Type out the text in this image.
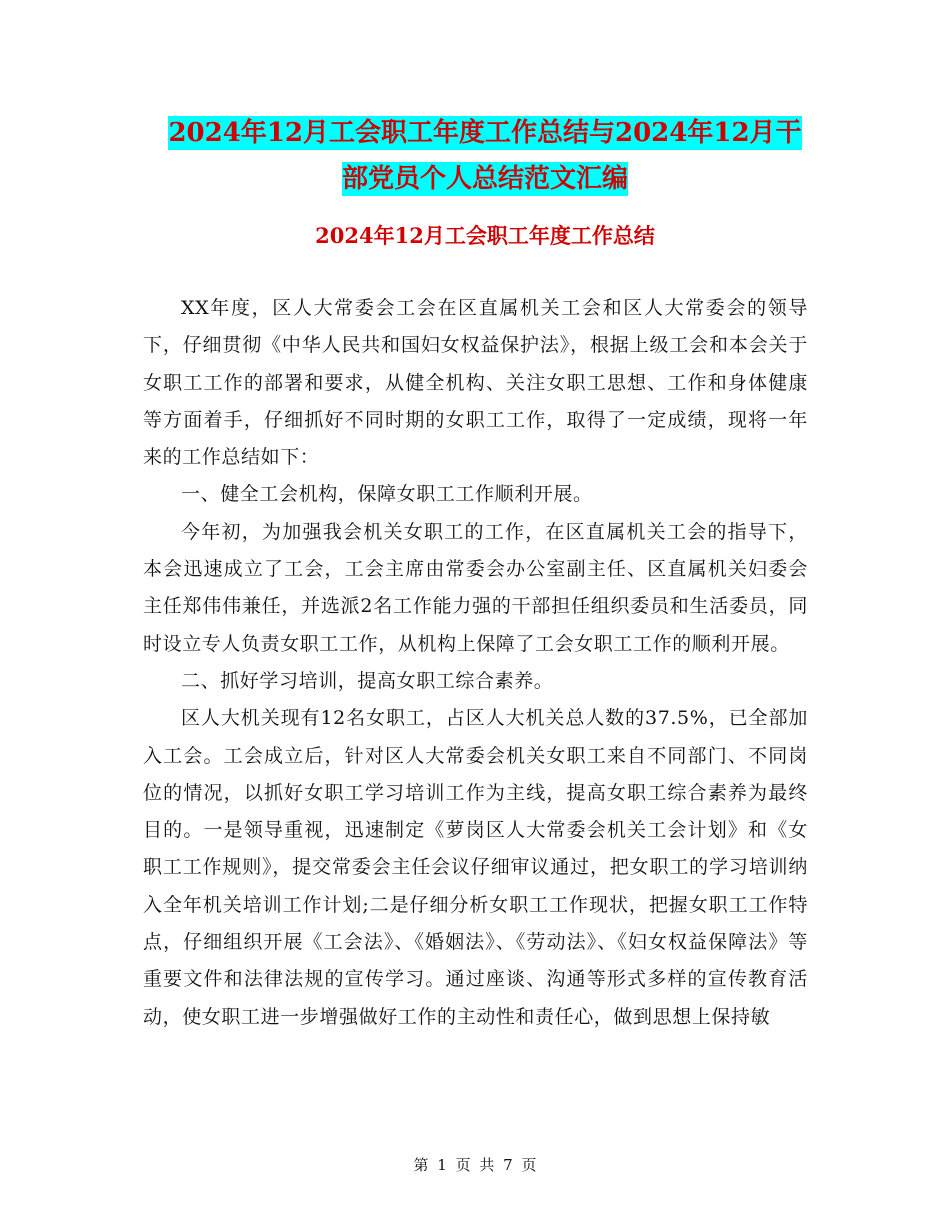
2024年12月工会职工年度工作总结与2024年12月干
部党员个人总结范文汇编
2024年12月工会职工年度工作总结

XX年度，区人大常委会工会在区直属机关工会和区人大常委会的领导下，仔细贯彻《中华人民共和国妇女权益保护法》，根据上级工会和本会关于女职工工作的部署和要求，从健全机构、关注女职工思想、工作和身体健康等方面着手，仔细抓好不同时期的女职工工作，取得了一定成绩，现将一年来的工作总结如下：

一、健全工会机构，保障女职工工作顺利开展。

今年初，为加强我会机关女职工的工作，在区直属机关工会的指导下，本会迅速成立了工会，工会主席由常委会办公室副主任、区直属机关妇委会主任郑伟伟兼任，并选派2名工作能力强的干部担任组织委员和生活委员，同时设立专人负责女职工工作，从机构上保障了工会女职工工作的顺利开展。

二、抓好学习培训，提高女职工综合素养。

区人大机关现有12名女职工，占区人大机关总人数的37.5%，已全部加入工会。工会成立后，针对区人大常委会机关女职工来自不同部门、不同岗位的情况，以抓好女职工学习培训工作为主线，提高女职工综合素养为最终目的。一是领导重视，迅速制定《萝岗区人大常委会机关工会计划》和《女职工工作规则》，提交常委会主任会议仔细审议通过，把女职工的学习培训纳入全年机关培训工作计划;二是仔细分析女职工工作现状，把握女职工工作特点，仔细组织开展《工会法》、《婚姻法》、《劳动法》、《妇女权益保障法》等重要文件和法律法规的宣传学习。通过座谈、沟通等形式多样的宣传教育活动，使女职工进一步增强做好工作的主动性和责任心，做到思想上保持敏

第 1 页 共 7 页
